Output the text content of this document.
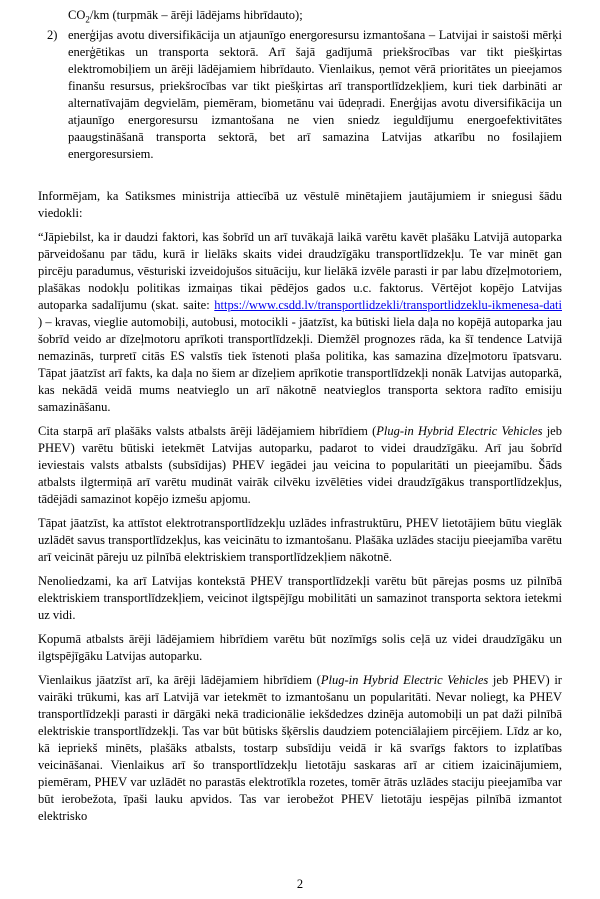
$CO_2/km$ (turpmāk – ārēji lādējams hibrīdauto);

2) enerģijas avotu diversifikācija un atjaunīgo energoresursu izmantošana – Latvijai ir saistoši mērķi enerģētikas un transporta sektorā. Arī šajā gadījumā priekšrocības var tikt piešķirtas elektromobiļiem un ārēji lādējamiem hibrīdauto. Vienlaikus, ņemot vērā prioritātes un pieejamos finanšu resursus, priekšrocības var tikt piešķirtas arī transportlīdzekļiem, kuri tiek darbināti ar alternatīvajām degvielām, piemēram, biometānu vai ūdeņradi. Enerģijas avotu diversifikācija un atjaunīgo energoresursu izmantošana ne vien sniedz ieguldījumu energoefektivitātes paaugstināšanā transporta sektorā, bet arī samazina Latvijas atkarību no fosilajiem energoresursiem.

Informējam, ka Satiksmes ministrija attiecībā uz vēstulē minētajiem jautājumiem ir sniegusi šādu viedokli:

“Jāpiebilst, ka ir daudzi faktori, kas šobrīd un arī tuvākajā laikā varētu kavēt plašāku Latvijā autoparka pārveidošanu par tādu, kurā ir lielāks skaits videi draudzīgāku transportlīdzekļu. Te var minēt gan pircēju paradumus, vēsturiski izveidojušos situāciju, kur lielākā izvēle parasti ir par labu dīzeļmotoriem, plašākas nodokļu politikas izmaiņas tikai pēdējos gados u.c. faktorus. Vērtējot kopējo Latvijas autoparka sadalījumu (skat. saite: https://www.csdd.lv/transportlidzekli/transportlidzeklu-ikmenesa-dati ) – kravas, vieglie automobiļi, autobusi, motocikli - jāatzīst, ka būtiski liela daļa no kopējā autoparka jau šobrīd veido ar dīzeļmotoru aprīkoti transportlīdzekļi. Diemžēl prognozes rāda, ka šī tendence Latvijā nemazinās, turpretī citās ES valstīs tiek īstenoti plaša politika, kas samazina dīzeļmotoru īpatsvaru. Tāpat jāatzīst arī fakts, ka daļa no šiem ar dīzeļiem aprīkotie transportlīdzekļi nonāk Latvijas autoparkā, kas nekādā veidā mums neatvieglo un arī nākotnē neatvieglos transporta sektora radīto emisiju samazināšanu.

Cita starpā arī plašāks valsts atbalsts ārēji lādējamiem hibrīdiem (Plug-in Hybrid Electric Vehicles jeb PHEV) varētu būtiski ietekmēt Latvijas autoparku, padarot to videi draudzīgāku. Arī jau šobrīd ieviestais valsts atbalsts (subsīdijas) PHEV iegādei jau veicina to popularitāti un pieejamību. Šāds atbalsts ilgtermiņā arī varētu mudināt vairāk cilvēku izvēlēties videi draudzīgākus transportlīdzekļus, tādējādi samazinot kopējo izmešu apjomu.

Tāpat jāatzīst, ka attīstot elektrotransportlīdzekļu uzlādes infrastruktūru, PHEV lietotājiem būtu vieglāk uzlādēt savus transportlīdzekļus, kas veicinātu to izmantošanu. Plašāka uzlādes staciju pieejamība varētu arī veicināt pāreju uz pilnībā elektriskiem transportlīdzekļiem nākotnē.

Nenoliedzami, ka arī Latvijas kontekstā PHEV transportlīdzekļi varētu būt pārejas posms uz pilnībā elektriskiem transportlīdzekļiem, veicinot ilgtspējīgu mobilitāti un samazinot transporta sektora ietekmi uz vidi.

Kopumā atbalsts ārēji lādējamiem hibrīdiem varētu būt nozīmīgs solis ceļā uz videi draudzīgāku un ilgtspējīgāku Latvijas autoparku.

Vienlaikus jāatzīst arī, ka ārēji lādējamiem hibrīdiem (Plug-in Hybrid Electric Vehicles jeb PHEV) ir vairāki trūkumi, kas arī Latvijā var ietekmēt to izmantošanu un popularitāti. Nevar noliegt, ka PHEV transportlīdzekļi parasti ir dārgāki nekā tradicionālie iekšdedzes dzinēja automobiļi un pat daži pilnībā elektriskie transportlīdzekļi. Tas var būt būtisks šķērslis daudziem potenciālajiem pircējiem. Līdz ar ko, kā iepriekš minēts, plašāks atbalsts, tostarp subsīdiju veidā ir kā svarīgs faktors to izplatības veicināšanai. Vienlaikus arī šo transportlīdzekļu lietotāju saskaras arī ar citiem izaicinājumiem, piemēram, PHEV var uzlādēt no parastās elektrotīkla rozetes, tomēr ātrās uzlādes staciju pieejamība var būt ierobežota, īpaši lauku apvidos. Tas var ierobežot PHEV lietotāju iespējas pilnībā izmantot elektrisko

2
